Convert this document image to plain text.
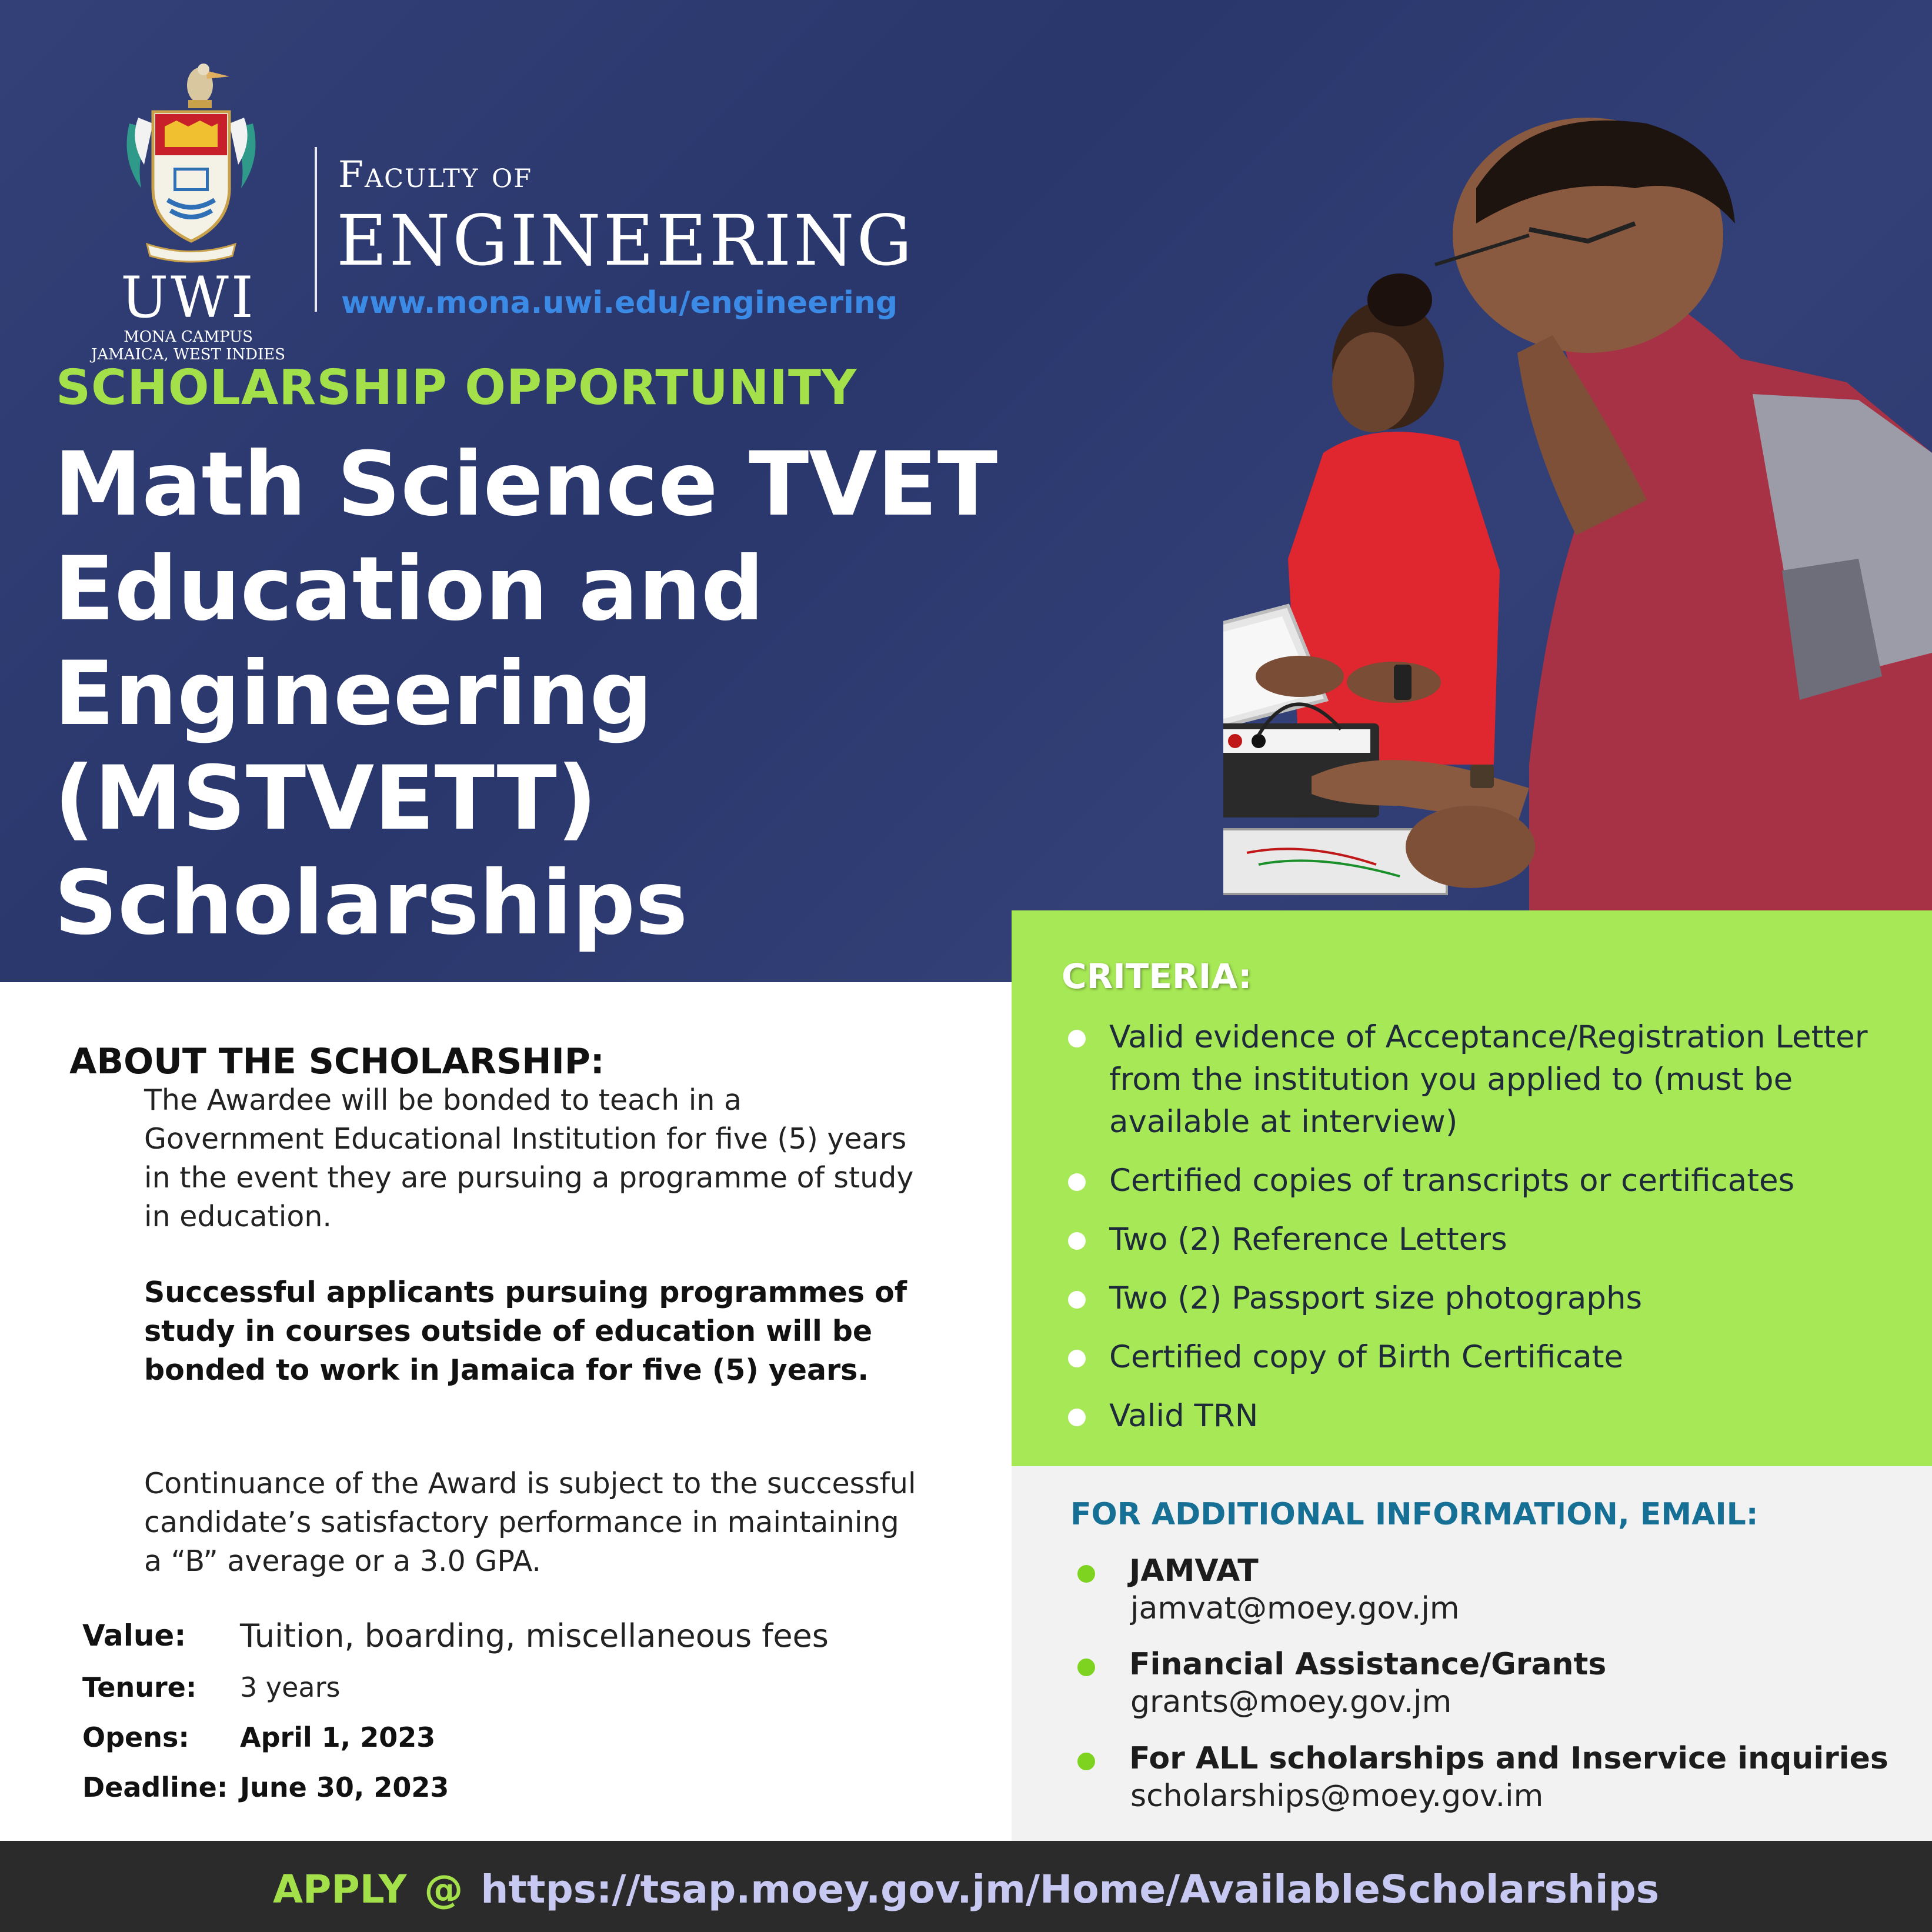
UWI
MONA CAMPUS
JAMAICA, WEST INDIES
Faculty of
ENGINEERING
www.mona.uwi.edu/engineering
SCHOLARSHIP OPPORTUNITY
Math Science TVET
Education and
Engineering
(MSTVETT)
Scholarships
ABOUT THE SCHOLARSHIP:
The Awardee will be bonded to teach in a Government Educational Institution for five (5) years in the event they are pursuing a programme of study in education.
Successful applicants pursuing programmes of study in courses outside of education will be bonded to work in Jamaica for five (5) years.
Continuance of the Award is subject to the successful candidate’s satisfactory performance in maintaining a “B” average or a 3.0 GPA.
Value: Tuition, boarding, miscellaneous fees
Tenure: 3 years
Opens: April 1, 2023
Deadline: June 30, 2023
CRITERIA:
Valid evidence of Acceptance/Registration Letter from the institution you applied to (must be available at interview)
Certified copies of transcripts or certificates
Two (2) Reference Letters
Two (2) Passport size photographs
Certified copy of Birth Certificate
Valid TRN
FOR ADDITIONAL INFORMATION, EMAIL:
JAMVAT
jamvat@moey.gov.jm
Financial Assistance/Grants
grants@moey.gov.jm
For ALL scholarships and Inservice inquiries
scholarships@moey.gov.im
APPLY @ https://tsap.moey.gov.jm/Home/AvailableScholarships
